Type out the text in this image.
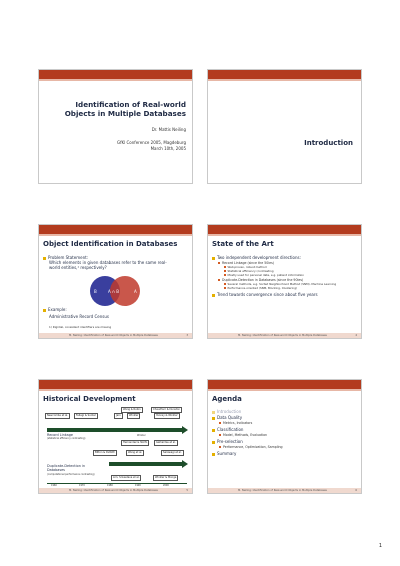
Identification of Real-world Objects in Multiple Databases
Dr. Mattis Neiling
GfKl Conference 2005, Magdeburg
March 10th, 2005
Introduction
Object Identification in Databases
Problem Statement:
Which elements in given databases refer to the same real-world entities,¹ respectively?
B	A ∩ B	A
Example:
Administrative Record Census
1) Rigidial, consistent identifiers are missing
M. Neiling: Identification of Real-world Objects in Multiple Databases	3
State of the Art
Two independent development directions:
Record Linkage (since the 50ies)
Well-proven, robust method
Statistical efficiency (contrasting
Mostly used for personal data, e.g. patient information
Duplicate-Detection in Databases (since the 90ies)
Several methods, e.g. Sorted Neighborhood Method (SNM), Machine Learning
Performance-oriented (SNM, Blocking, Clustering)
Trend towards convergence since about five years
M. Neiling: Identification of Real-world Objects in Multiple Databases	4
Historical Development
Wang & Rubin	Chaudhuri & Dunston
Newcombe et al.	Fellegi & Sunter	Jaro	Winkler	Yancey & Winkler
Record Linkage
(statistical efficiency contrasting)
Winkler
Hernandez & Stolfo	Galhardas et al.
Bitton & DeWitt	Wang et al.	Sarawagi et al.
Duplicate-Detection in Databases
(computational performance contrasting)
Lim, Srivastava et al.	Winkler & Monge
1960	1970	1980	1990	2000
M. Neiling: Identification of Real-world Objects in Multiple Databases	5
Agenda
Introduction
Data Quality
Metrics, Indicators
Classification
Model, Methods, Evaluation
Pre-selection
Performance, Optimization, Sampling
Summary
M. Neiling: Identification of Real-world Objects in Multiple Databases	6
1
